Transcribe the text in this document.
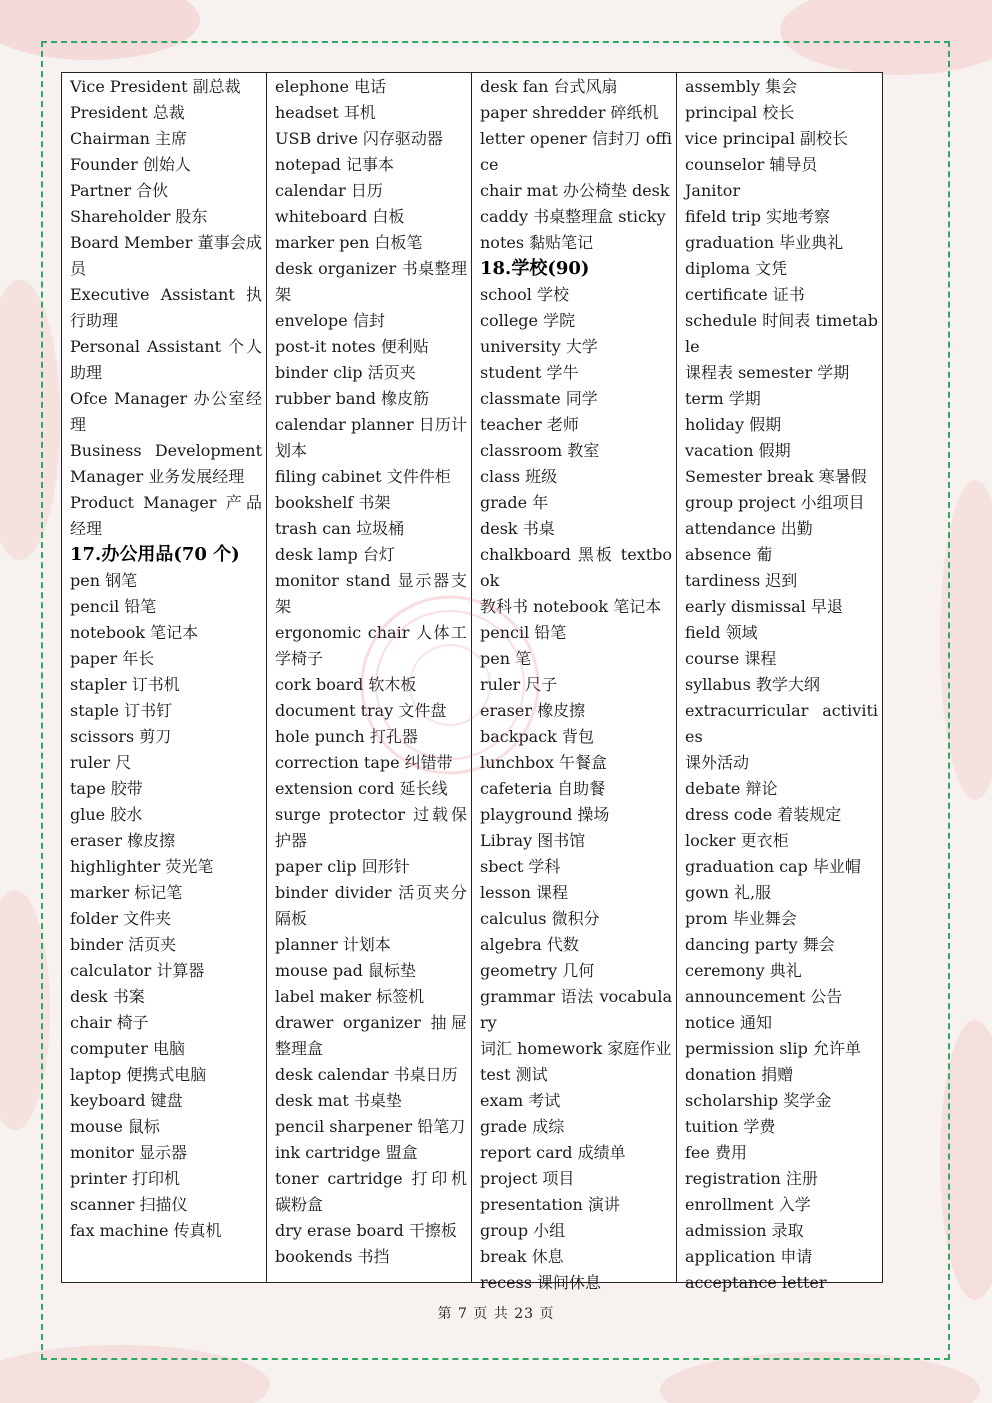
Vice President 副总裁
President 总裁
Chairman 主席
Founder 创始人
Partner 合伙
Shareholder 股东
Board Member 董事会成员
Executive Assistant 执行助理
Personal Assistant 个人助理
Ofce Manager 办公室经理
Business DevelopmentManager 业务发展经理
Product Manager 产品经理
17.办公用品(70 个)
pen 钢笔
pencil 铅笔
notebook 笔记本
paper 年长
stapler 订书机
staple 订书钉
scissors 剪刀
ruler 尺
tape 胶带
glue 胶水
eraser 橡皮擦
highlighter 荧光笔
marker 标记笔
folder 文件夹
binder 活页夹
calculator 计算器
desk 书案
chair 椅子
computer 电脑
laptop 便携式电脑
keyboard 键盘
mouse 鼠标
monitor 显示器
printer 打印机
scanner 扫描仪
fax machine 传真机
elephone 电话
headset 耳机
USB drive 闪存驱动器
notepad 记事本
calendar 日历
whiteboard 白板
marker pen 白板笔
desk organizer 书桌整理架
envelope 信封
post-it notes 便利贴
binder clip 活页夹
rubber band 橡皮筋
calendar planner 日历计划本
filing cabinet 文件件柜
bookshelf 书架
trash can 垃圾桶
desk lamp 台灯
monitor stand 显示器支架
ergonomic chair 人体工学椅子
cork board 软木板
document tray 文件盘
hole punch 打孔器
correction tape 纠错带
extension cord 延长线
surge protector 过载保护器
paper clip 回形针
binder divider 活页夹分隔板
planner 计划本
mouse pad 鼠标垫
label maker 标签机
drawer organizer 抽屉整理盒
desk calendar 书桌日历
desk mat 书桌垫
pencil sharpener 铅笔刀
ink cartridge 盟盒
toner cartridge 打印机碳粉盒
dry erase board 干擦板
bookends 书挡
desk fan 台式风扇
paper shredder 碎纸机
letter opener 信封刀 office
chair mat 办公椅垫 desk
caddy 书桌整理盒 sticky
notes 黏贴笔记
18.学校(90)
school 学校
college 学院
university 大学
student 学牛
classmate 同学
teacher 老师
classroom 教室
class 班级
grade 年
desk 书桌
chalkboard 黑板 textbook
教科书 notebook 笔记本
pencil 铅笔
pen 笔
ruler 尺子
eraser 橡皮擦
backpack 背包
lunchbox 午餐盒
cafeteria 自助餐
playground 操场
Libray 图书馆
sbect 学科
lesson 课程
calculus 微积分
algebra 代数
geometry 几何
grammar 语法 vocabulary
词汇 homework 家庭作业
test 测试
exam 考试
grade 成综
report card 成绩单
project 项目
presentation 演讲
group 小组
break 休息
recess 课间休息
assembly 集会
principal 校长
vice principal 副校长
counselor 辅导员
Janitor
fifeld trip 实地考察
graduation 毕业典礼
diploma 文凭
certificate 证书
schedule 时间表 timetable
课程表 semester 学期
term 学期
holiday 假期
vacation 假期
Semester break 寒暑假
group project 小组项目
attendance 出勤
absence 葡
tardiness 迟到
early dismissal 早退
field 领域
course 课程
syllabus 教学大纲
extracurricular activities
课外活动
debate 辩论
dress code 着装规定
locker 更衣柜
graduation cap 毕业帽
gown 礼,服
prom 毕业舞会
dancing party 舞会
ceremony 典礼
announcement 公告
notice 通知
permission slip 允许单
donation 捐赠
scholarship 奖学金
tuition 学费
fee 费用
registration 注册
enrollment 入学
admission 录取
application 申请
acceptance letter
第 7 页 共 23 页
